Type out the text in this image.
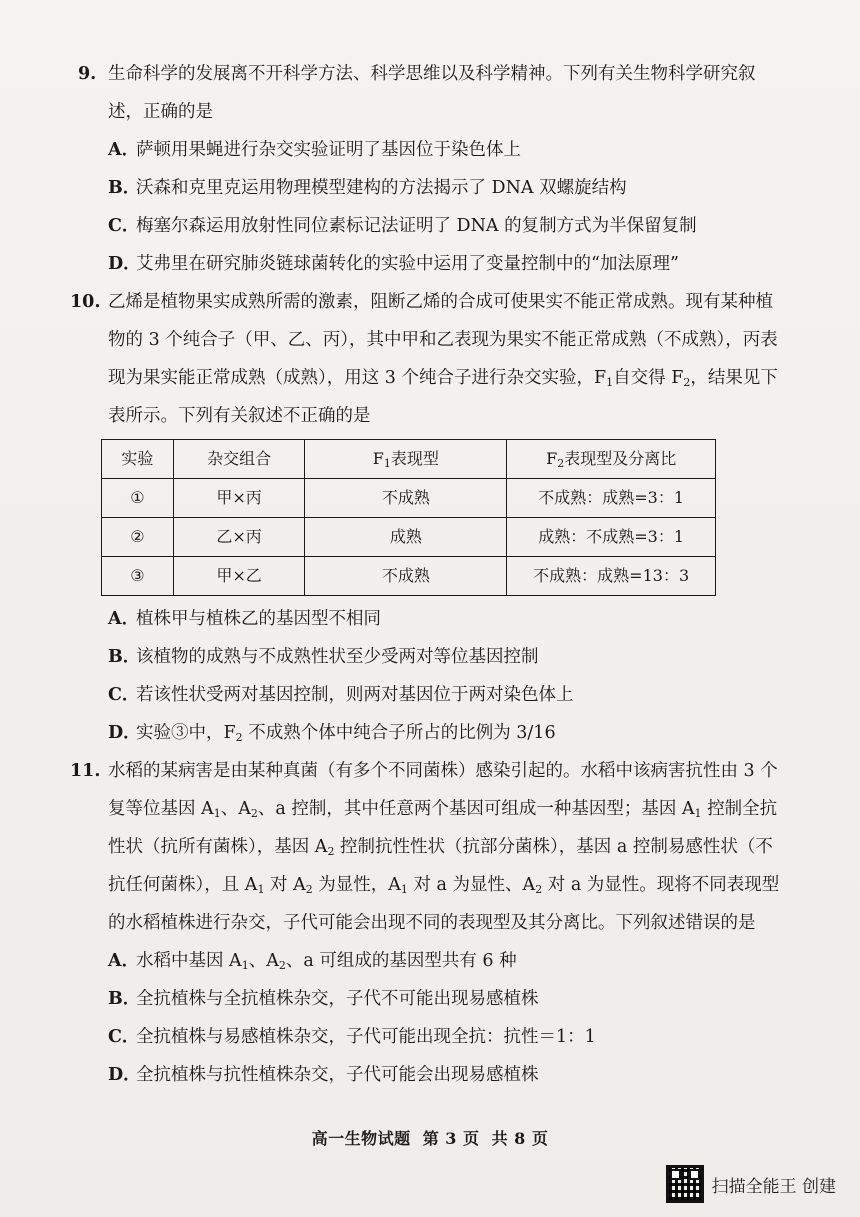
9. 生命科学的发展离不开科学方法、科学思维以及科学精神。下列有关生物科学研究叙述，正确的是
A．萨顿用果蝇进行杂交实验证明了基因位于染色体上
B．沃森和克里克运用物理模型建构的方法揭示了 DNA 双螺旋结构
C．梅塞尔森运用放射性同位素标记法证明了 DNA 的复制方式为半保留复制
D．艾弗里在研究肺炎链球菌转化的实验中运用了变量控制中的“加法原理”
10. 乙烯是植物果实成熟所需的激素，阻断乙烯的合成可使果实不能正常成熟。现有某种植物的 3 个纯合子（甲、乙、丙），其中甲和乙表现为果实不能正常成熟（不成熟），丙表现为果实能正常成熟（成熟），用这 3 个纯合子进行杂交实验，$F_1$自交得 $F_2$，结果见下表所示。下列有关叙述不正确的是
实验	杂交组合	$F_1$表现型	$F_2$表现型及分离比
①	甲×丙	不成熟	不成熟：成熟=3：1
②	乙×丙	成熟	成熟：不成熟=3：1
③	甲×乙	不成熟	不成熟：成熟=13：3
A．植株甲与植株乙的基因型不相同
B．该植物的成熟与不成熟性状至少受两对等位基因控制
C．若该性状受两对基因控制，则两对基因位于两对染色体上
D．实验③中，$F_2$ 不成熟个体中纯合子所占的比例为 3/16
11. 水稻的某病害是由某种真菌（有多个不同菌株）感染引起的。水稻中该病害抗性由 3 个复等位基因 $A_1$、$A_2$、a 控制，其中任意两个基因可组成一种基因型；基因 $A_1$ 控制全抗性状（抗所有菌株），基因 $A_2$ 控制抗性性状（抗部分菌株），基因 a 控制易感性状（不抗任何菌株），且 $A_1$ 对 $A_2$ 为显性，$A_1$ 对 a 为显性、$A_2$ 对 a 为显性。现将不同表现型的水稻植株进行杂交，子代可能会出现不同的表现型及其分离比。下列叙述错误的是
A．水稻中基因 $A_1$、$A_2$、a 可组成的基因型共有 6 种
B．全抗植株与全抗植株杂交，子代不可能出现易感植株
C．全抗植株与易感植株杂交，子代可能出现全抗：抗性＝1：1
D．全抗植株与抗性植株杂交，子代可能会出现易感植株
高一生物试题 第 3 页 共 8 页
扫描全能王 创建
